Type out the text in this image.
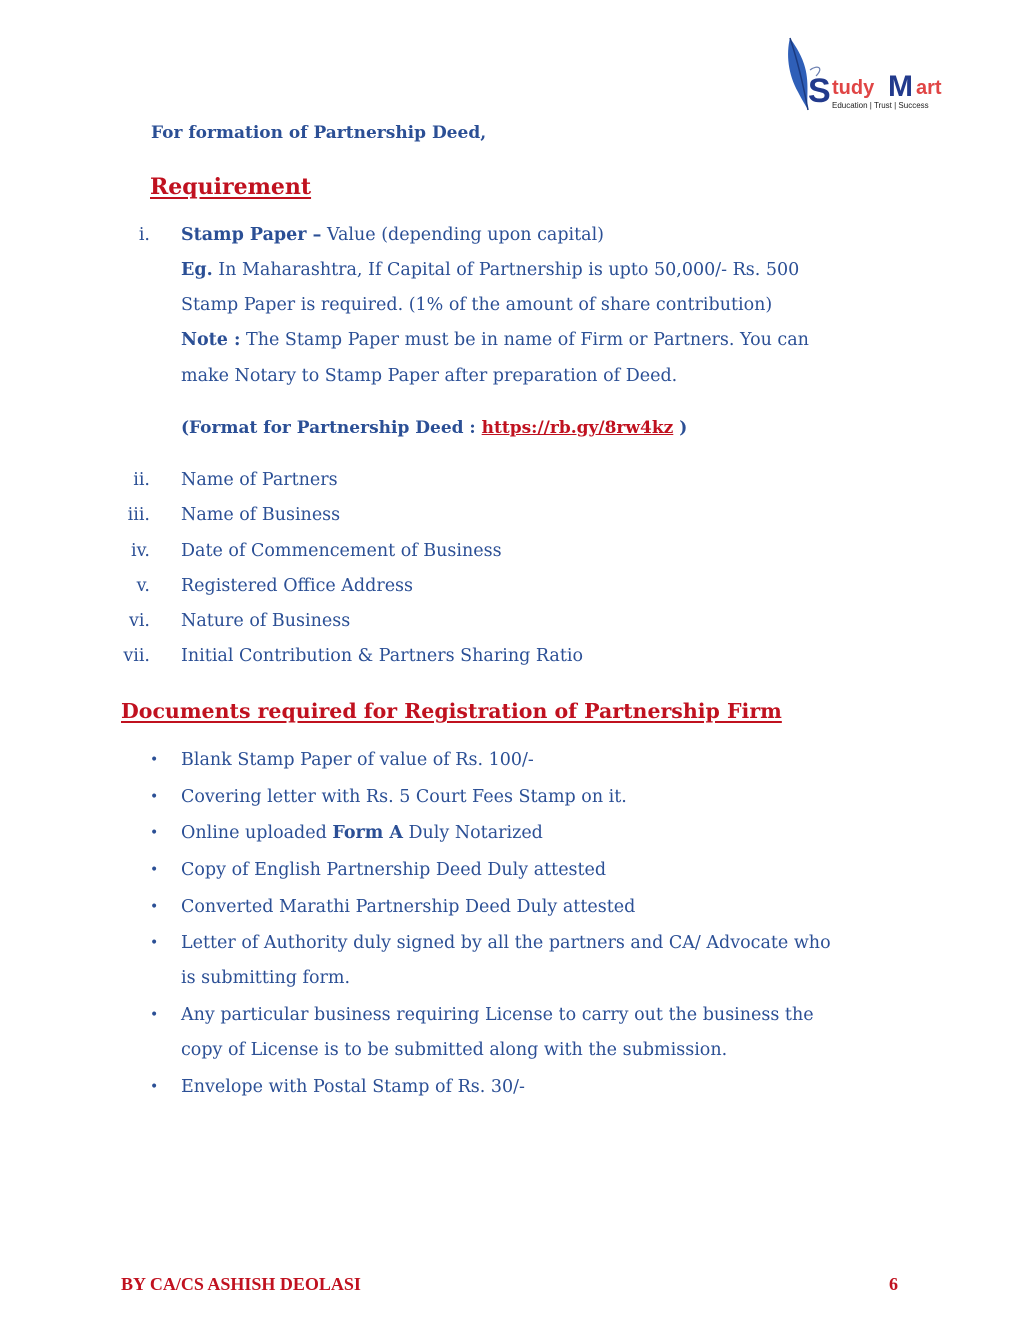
S tudy M art
Education | Trust | Success
For formation of Partnership Deed,
Requirement
i. Stamp Paper – Value (depending upon capital)
Eg. In Maharashtra, If Capital of Partnership is upto 50,000/- Rs. 500
Stamp Paper is required. (1% of the amount of share contribution)
Note : The Stamp Paper must be in name of Firm or Partners. You can
make Notary to Stamp Paper after preparation of Deed.
(Format for Partnership Deed : https://rb.gy/8rw4kz )
ii. Name of Partners
iii. Name of Business
iv. Date of Commencement of Business
v. Registered Office Address
vi. Nature of Business
vii. Initial Contribution & Partners Sharing Ratio
Documents required for Registration of Partnership Firm
• Blank Stamp Paper of value of Rs. 100/-
• Covering letter with Rs. 5 Court Fees Stamp on it.
• Online uploaded Form A Duly Notarized
• Copy of English Partnership Deed Duly attested
• Converted Marathi Partnership Deed Duly attested
• Letter of Authority duly signed by all the partners and CA/ Advocate who
is submitting form.
• Any particular business requiring License to carry out the business the
copy of License is to be submitted along with the submission.
• Envelope with Postal Stamp of Rs. 30/-
BY CA/CS ASHISH DEOLASI	6
